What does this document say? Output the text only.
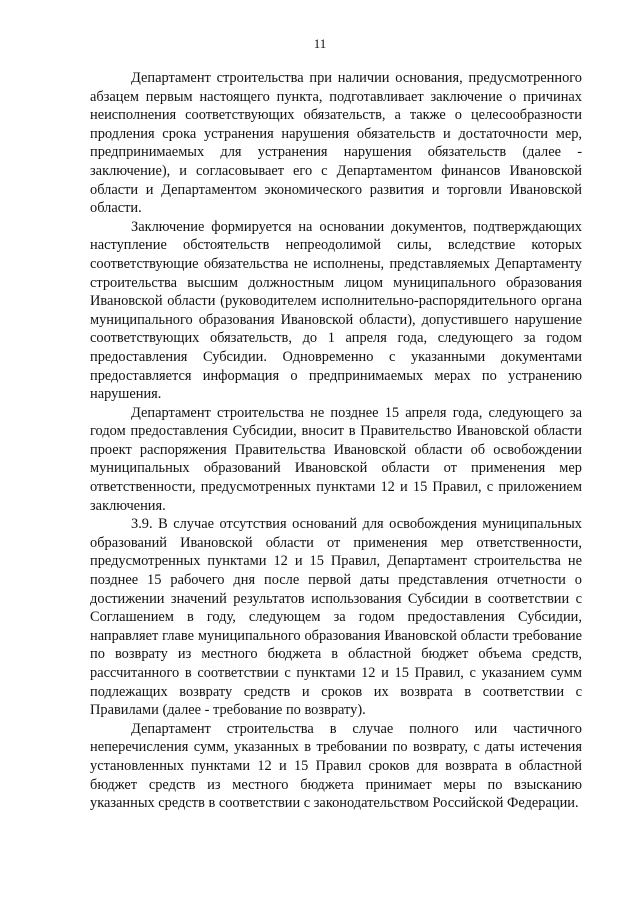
11

Департамент строительства при наличии основания, предусмотренного абзацем первым настоящего пункта, подготавливает заключение о причинах неисполнения соответствующих обязательств, а также о целесообразности продления срока устранения нарушения обязательств и достаточности мер, предпринимаемых для устранения нарушения обязательств (далее - заключение), и согласовывает его с Департаментом финансов Ивановской области и Департаментом экономического развития и торговли Ивановской области.

Заключение формируется на основании документов, подтверждающих наступление обстоятельств непреодолимой силы, вследствие которых соответствующие обязательства не исполнены, представляемых Департаменту строительства высшим должностным лицом муниципального образования Ивановской области (руководителем исполнительно-распорядительного органа муниципального образования Ивановской области), допустившего нарушение соответствующих обязательств, до 1 апреля года, следующего за годом предоставления Субсидии. Одновременно с указанными документами предоставляется информация о предпринимаемых мерах по устранению нарушения.

Департамент строительства не позднее 15 апреля года, следующего за годом предоставления Субсидии, вносит в Правительство Ивановской области проект распоряжения Правительства Ивановской области об освобождении муниципальных образований Ивановской области от применения мер ответственности, предусмотренных пунктами 12 и 15 Правил, с приложением заключения.

3.9. В случае отсутствия оснований для освобождения муниципальных образований Ивановской области от применения мер ответственности, предусмотренных пунктами 12 и 15 Правил, Департамент строительства не позднее 15 рабочего дня после первой даты представления отчетности о достижении значений результатов использования Субсидии в соответствии с Соглашением в году, следующем за годом предоставления Субсидии, направляет главе муниципального образования Ивановской области требование по возврату из местного бюджета в областной бюджет объема средств, рассчитанного в соответствии с пунктами 12 и 15 Правил, с указанием сумм подлежащих возврату средств и сроков их возврата в соответствии с Правилами (далее - требование по возврату).

Департамент строительства в случае полного или частичного неперечисления сумм, указанных в требовании по возврату, с даты истечения установленных пунктами 12 и 15 Правил сроков для возврата в областной бюджет средств из местного бюджета принимает меры по взысканию указанных средств в соответствии с законодательством Российской Федерации.
